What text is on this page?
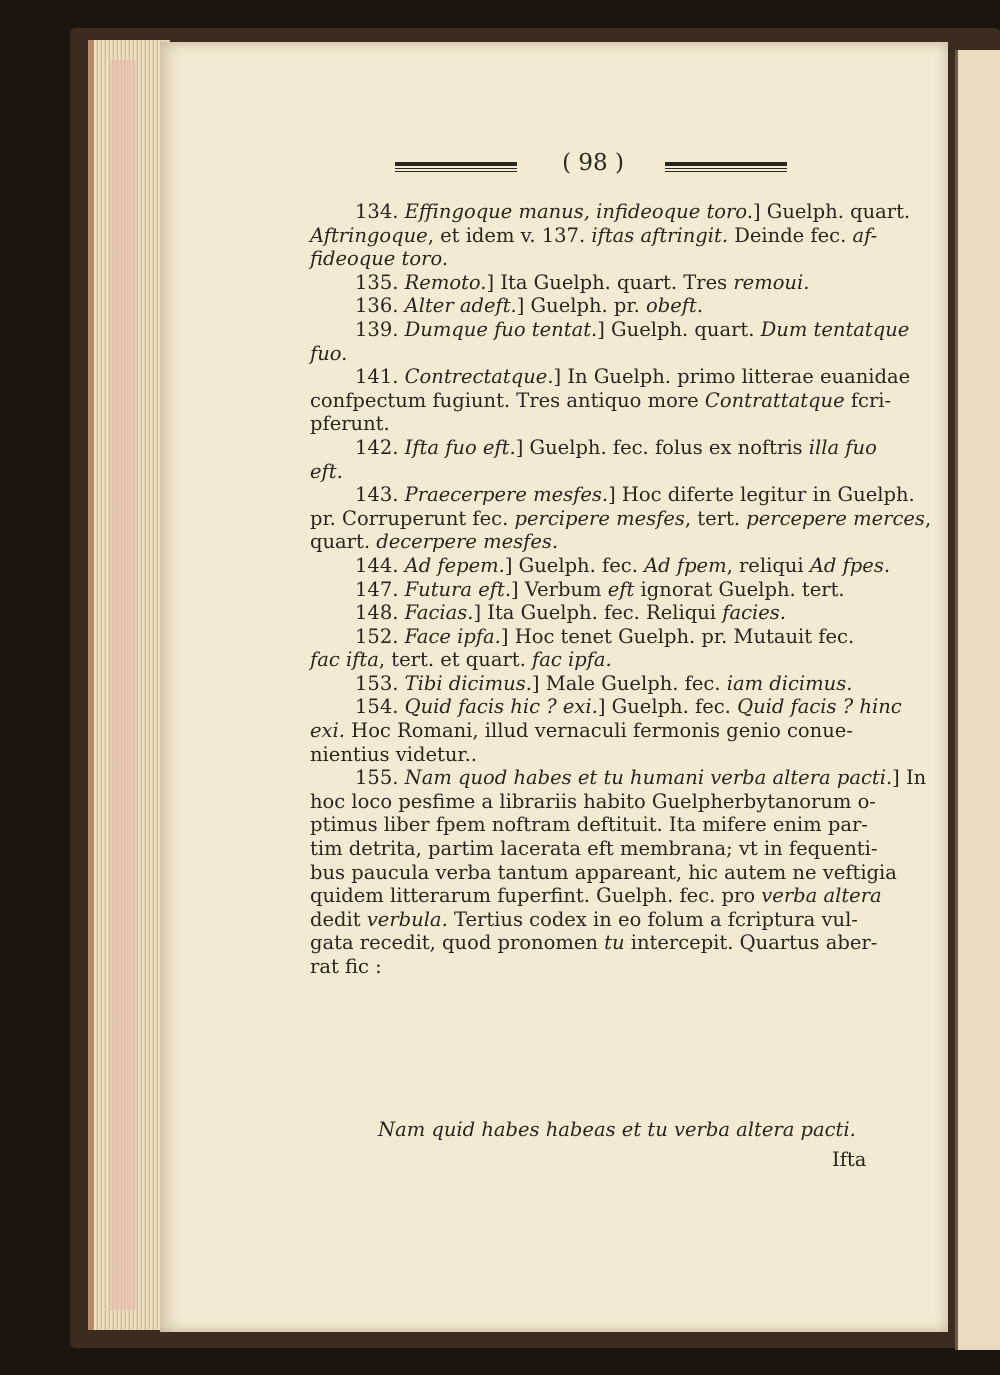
( 98 )
134. Effingoque manus, infideoque toro.] Guelph. quart.
Aftringoque, et idem v. 137. iftas aftringit. Deinde fec. af-
fideoque toro.
135. Remoto.] Ita Guelph. quart. Tres remoui.
136. Alter adeft.] Guelph. pr. obeft.
139. Dumque fuo tentat.] Guelph. quart. Dum tentatque
fuo.
141. Contrectatque.] In Guelph. primo litterae euanidae
confpectum fugiunt. Tres antiquo more Contrattatque fcri-
pferunt.
142. Ifta fuo eft.] Guelph. fec. folus ex noftris illa fuo
eft.
143. Praecerpere mesfes.] Hoc diferte legitur in Guelph.
pr. Corruperunt fec. percipere mesfes, tert. percepere merces,
quart. decerpere mesfes.
144. Ad fepem.] Guelph. fec. Ad fpem, reliqui Ad fpes.
147. Futura eft.] Verbum eft ignorat Guelph. tert.
148. Facias.] Ita Guelph. fec. Reliqui facies.
152. Face ipfa.] Hoc tenet Guelph. pr. Mutauit fec.
fac ifta, tert. et quart. fac ipfa.
153. Tibi dicimus.] Male Guelph. fec. iam dicimus.
154. Quid facis hic ? exi.] Guelph. fec. Quid facis ? hinc
exi. Hoc Romani, illud vernaculi fermonis genio conue-
nientius videtur..
155. Nam quod habes et tu humani verba altera pacti.] In
hoc loco pesfime a librariis habito Guelpherbytanorum o-
ptimus liber fpem noftram deftituit. Ita mifere enim par-
tim detrita, partim lacerata eft membrana; vt in fequenti-
bus paucula verba tantum appareant, hic autem ne veftigia
quidem litterarum fuperfint. Guelph. fec. pro verba altera
dedit verbula. Tertius codex in eo folum a fcriptura vul-
gata recedit, quod pronomen tu intercepit. Quartus aber-
rat fic :
Nam quid habes habeas et tu verba altera pacti.
Ifta
